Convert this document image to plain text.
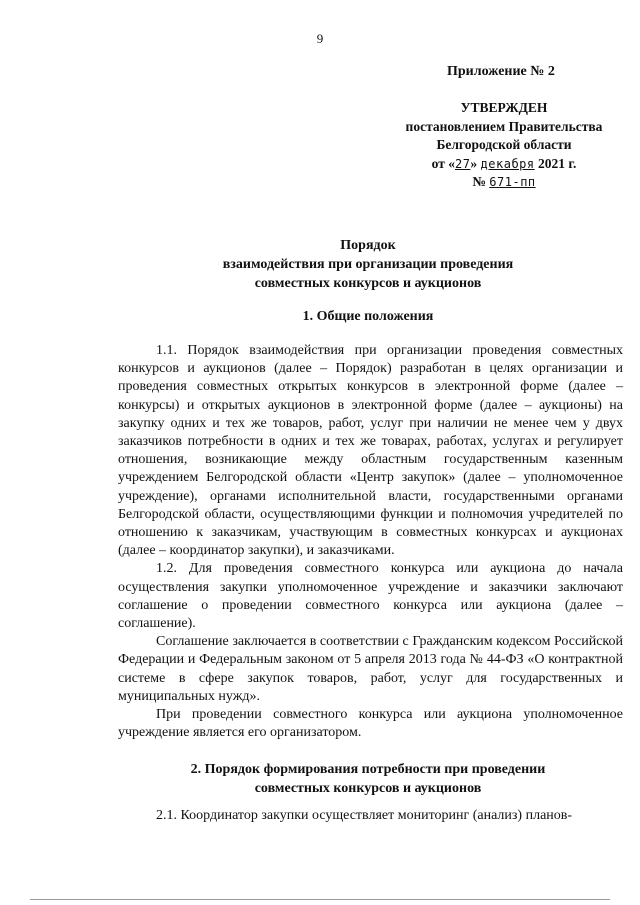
9
Приложение № 2
УТВЕРЖДЕН
постановлением Правительства
Белгородской области
от «27» декабря 2021 г.
№ 671-пп
Порядок
взаимодействия при организации проведения
совместных конкурсов и аукционов
1. Общие положения

1.1. Порядок взаимодействия при организации проведения совместных конкурсов и аукционов (далее – Порядок) разработан в целях организации и проведения совместных открытых конкурсов в электронной форме (далее – конкурсы) и открытых аукционов в электронной форме (далее – аукционы) на закупку одних и тех же товаров, работ, услуг при наличии не менее чем у двух заказчиков потребности в одних и тех же товарах, работах, услугах и регулирует отношения, возникающие между областным государственным казенным учреждением Белгородской области «Центр закупок» (далее – уполномоченное учреждение), органами исполнительной власти, государственными органами Белгородской области, осуществляющими функции и полномочия учредителей по отношению к заказчикам, участвующим в совместных конкурсах и аукционах (далее – координатор закупки), и заказчиками.

1.2. Для проведения совместного конкурса или аукциона до начала осуществления закупки уполномоченное учреждение и заказчики заключают соглашение о проведении совместного конкурса или аукциона (далее – соглашение).

Соглашение заключается в соответствии с Гражданским кодексом Российской Федерации и Федеральным законом от 5 апреля 2013 года № 44-ФЗ «О контрактной системе в сфере закупок товаров, работ, услуг для государственных и муниципальных нужд».

При проведении совместного конкурса или аукциона уполномоченное учреждение является его организатором.

2. Порядок формирования потребности при проведении
совместных конкурсов и аукционов

2.1. Координатор закупки осуществляет мониторинг (анализ) планов-
